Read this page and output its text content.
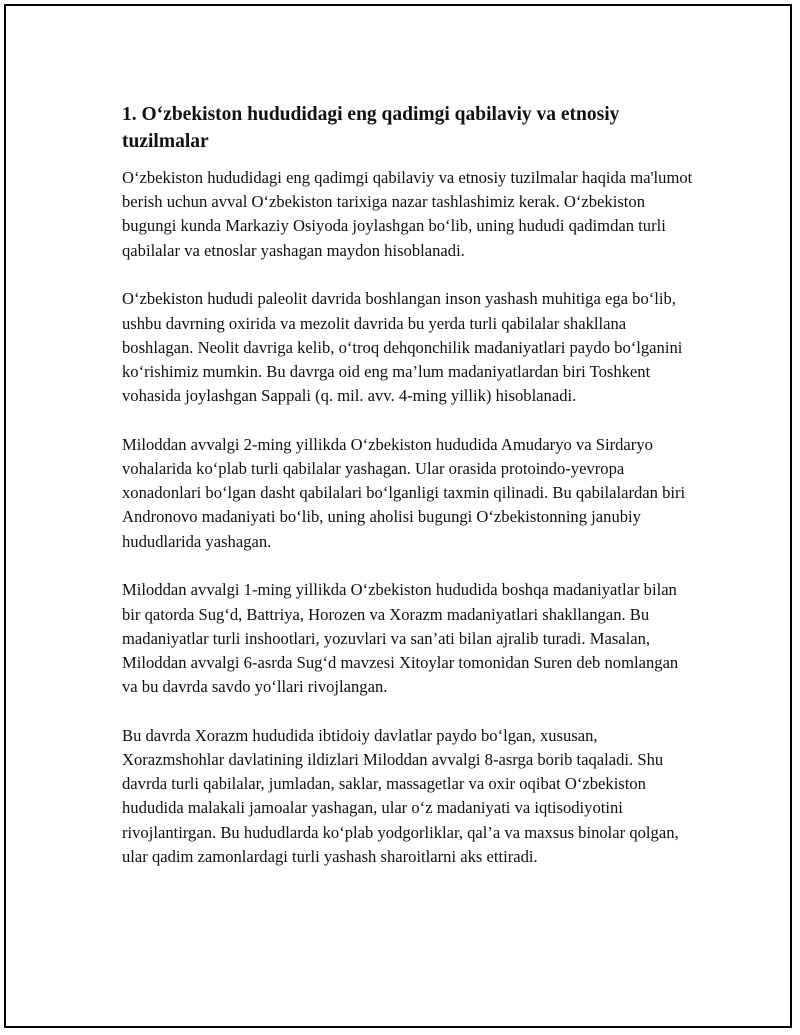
1. O‘zbekiston hududidagi eng qadimgi qabilaviy va etnosiy tuzilmalar

O‘zbekiston hududidagi eng qadimgi qabilaviy va etnosiy tuzilmalar haqida ma'lumot berish uchun avval O‘zbekiston tarixiga nazar tashlashimiz kerak. O‘zbekiston bugungi kunda Markaziy Osiyoda joylashgan bo‘lib, uning hududi qadimdan turli qabilalar va etnoslar yashagan maydon hisoblanadi.

O‘zbekiston hududi paleolit davrida boshlangan inson yashash muhitiga ega bo‘lib, ushbu davrning oxirida va mezolit davrida bu yerda turli qabilalar shakllana boshlagan. Neolit davriga kelib, o‘troq dehqonchilik madaniyatlari paydo bo‘lganini ko‘rishimiz mumkin. Bu davrga oid eng ma’lum madaniyatlardan biri Toshkent vohasida joylashgan Sappali (q. mil. avv. 4-ming yillik) hisoblanadi.

Miloddan avvalgi 2-ming yillikda O‘zbekiston hududida Amudaryo va Sirdaryo vohalarida ko‘plab turli qabilalar yashagan. Ular orasida protoindo-yevropa xonadonlari bo‘lgan dasht qabilalari bo‘lganligi taxmin qilinadi. Bu qabilalardan biri Andronovo madaniyati bo‘lib, uning aholisi bugungi O‘zbekistonning janubiy hududlarida yashagan.

Miloddan avvalgi 1-ming yillikda O‘zbekiston hududida boshqa madaniyatlar bilan bir qatorda Sug‘d, Battriya, Horozen va Xorazm madaniyatlari shakllangan. Bu madaniyatlar turli inshootlari, yozuvlari va san’ati bilan ajralib turadi. Masalan, Miloddan avvalgi 6-asrda Sug‘d mavzesi Xitoylar tomonidan Suren deb nomlangan va bu davrda savdo yo‘llari rivojlangan.

Bu davrda Xorazm hududida ibtidoiy davlatlar paydo bo‘lgan, xususan, Xorazmshohlar davlatining ildizlari Miloddan avvalgi 8-asrga borib taqaladi. Shu davrda turli qabilalar, jumladan, saklar, massagetlar va oxir oqibat O‘zbekiston hududida malakali jamoalar yashagan, ular o‘z madaniyati va iqtisodiyotini rivojlantirgan. Bu hududlarda ko‘plab yodgorliklar, qal’a va maxsus binolar qolgan, ular qadim zamonlardagi turli yashash sharoitlarni aks ettiradi.
